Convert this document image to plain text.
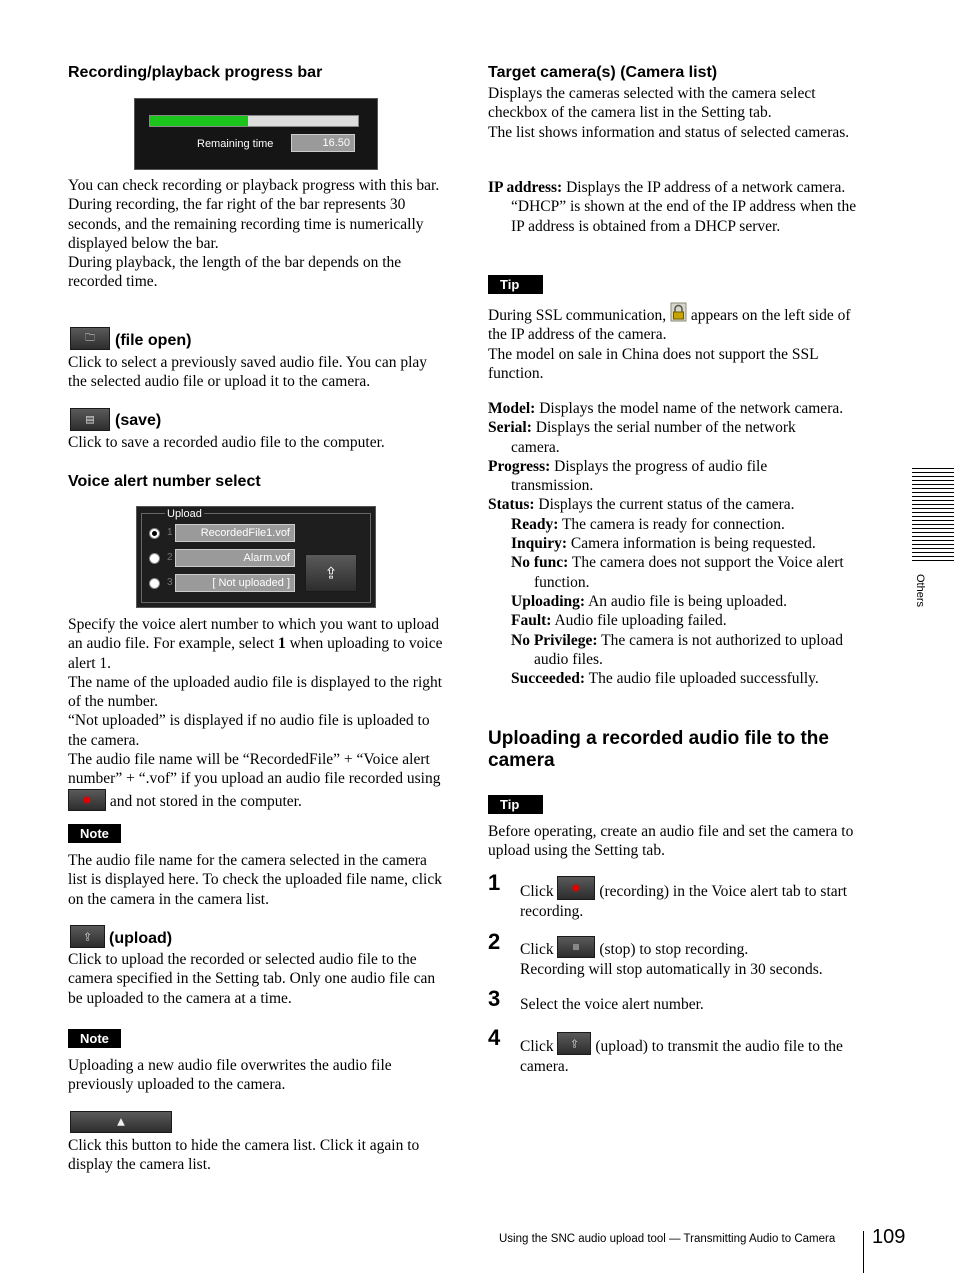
Recording/playback progress bar
Remaining time	16.50
You can check recording or playback progress with this bar.
During recording, the far right of the bar represents 30 seconds, and the remaining recording time is numerically displayed below the bar.
During playback, the length of the bar depends on the recorded time.
🗀	(file open)
Click to select a previously saved audio file. You can play the selected audio file or upload it to the camera.
▤	(save)
Click to save a recorded audio file to the computer.
Voice alert number select
Upload
1	RecordedFile1.vof
2	Alarm.vof
3	[ Not uploaded ]
⇪
Specify the voice alert number to which you want to upload an audio file. For example, select 1 when uploading to voice alert 1.
The name of the uploaded audio file is displayed to the right of the number.
“Not uploaded” is displayed if no audio file is uploaded to the camera.
The audio file name will be “RecordedFile” + “Voice alert number” + “.vof” if you upload an audio file recorded using
and not stored in the computer.
Note
The audio file name for the camera selected in the camera list is displayed here. To check the uploaded file name, click on the camera in the camera list.
⇪	(upload)
Click to upload the recorded or selected audio file to the camera specified in the Setting tab. Only one audio file can be uploaded to the camera at a time.
Note
Uploading a new audio file overwrites the audio file previously uploaded to the camera.
▲
Click this button to hide the camera list. Click it again to display the camera list.
Target camera(s) (Camera list)
Displays the cameras selected with the camera select checkbox of the camera list in the Setting tab.
The list shows information and status of selected cameras.
IP address: Displays the IP address of a network camera. “DHCP” is shown at the end of the IP address when the IP address is obtained from a DHCP server.
Tip
During SSL communication,  appears on the left side of the IP address of the camera.
The model on sale in China does not support the SSL function.
Model: Displays the model name of the network camera.
Serial: Displays the serial number of the network camera.
Progress: Displays the progress of audio file transmission.
Status: Displays the current status of the camera.
Ready: The camera is ready for connection.
Inquiry: Camera information is being requested.
No func: The camera does not support the Voice alert function.
Uploading: An audio file is being uploaded.
Fault: Audio file uploading failed.
No Privilege: The camera is not authorized to upload audio files.
Succeeded: The audio file uploaded successfully.
Uploading a recorded audio file to the camera
Tip
Before operating, create an audio file and set the camera to upload using the Setting tab.
1 Click
(recording) in the Voice alert tab to start recording.
2 Click
(stop) to stop recording.
Recording will stop automatically in 30 seconds.
3 Select the voice alert number.
4 Click	⇪ (upload) to transmit the audio file to the camera.
Others
Using the SNC audio upload tool — Transmitting Audio to Camera 109
